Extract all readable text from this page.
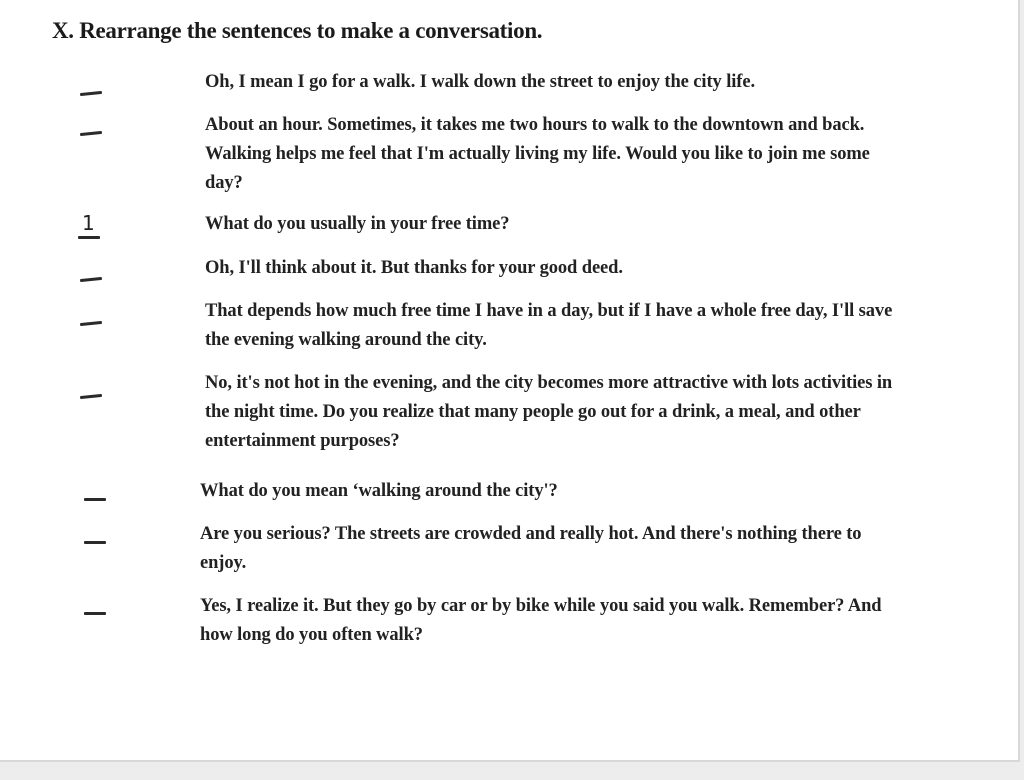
X. Rearrange the sentences to make a conversation.
Oh, I mean I go for a walk. I walk down the street to enjoy the city life.
About an hour. Sometimes, it takes me two hours to walk to the downtown and back. Walking helps me feel that I'm actually living my life. Would you like to join me some day?
1	What do you usually in your free time?
Oh, I'll think about it. But thanks for your good deed.
That depends how much free time I have in a day, but if I have a whole free day, I'll save the evening walking around the city.
No, it's not hot in the evening, and the city becomes more attractive with lots activities in the night time. Do you realize that many people go out for a drink, a meal, and other entertainment purposes?
What do you mean ‘walking around the city'?
Are you serious? The streets are crowded and really hot. And there's nothing there to enjoy.
Yes, I realize it. But they go by car or by bike while you said you walk. Remember? And how long do you often walk?
